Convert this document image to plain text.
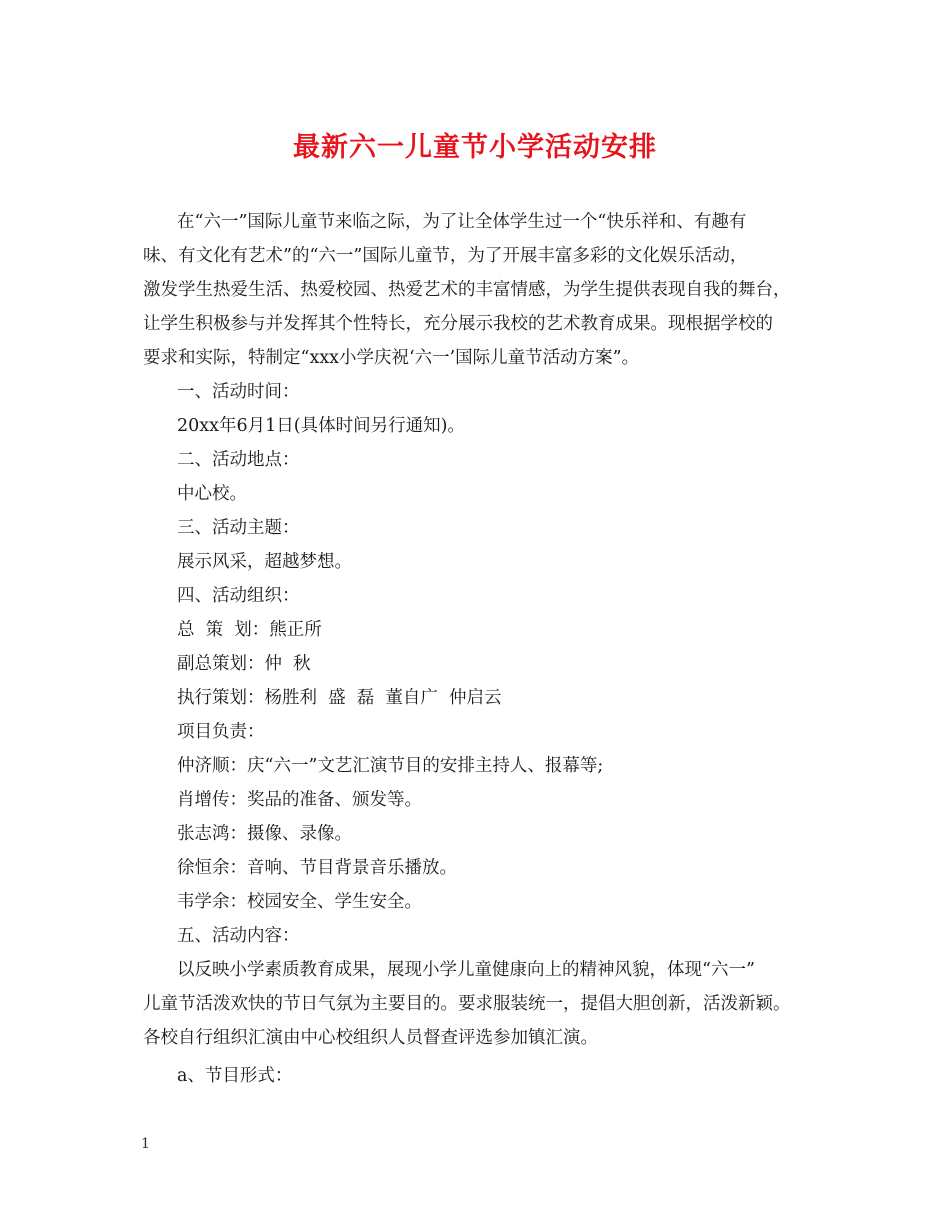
最新六一儿童节小学活动安排

在“六一”国际儿童节来临之际，为了让全体学生过一个“快乐祥和、有趣有

味、有文化有艺术”的“六一”国际儿童节，为了开展丰富多彩的文化娱乐活动，

激发学生热爱生活、热爱校园、热爱艺术的丰富情感，为学生提供表现自我的舞台，

让学生积极参与并发挥其个性特长，充分展示我校的艺术教育成果。现根据学校的

要求和实际，特制定“xxx小学庆祝‘六一’国际儿童节活动方案”。

一、活动时间：

20xx年6月1日(具体时间另行通知)。

二、活动地点：

中心校。

三、活动主题：

展示风采，超越梦想。

四、活动组织：

总  策  划：熊正所

副总策划：仲  秋

执行策划：杨胜利  盛  磊  董自广  仲启云

项目负责：

仲济顺：庆“六一”文艺汇演节目的安排主持人、报幕等;

肖增传：奖品的准备、颁发等。

张志鸿：摄像、录像。

徐恒余：音响、节目背景音乐播放。

韦学余：校园安全、学生安全。

五、活动内容：

以反映小学素质教育成果，展现小学儿童健康向上的精神风貌，体现“六一”

儿童节活泼欢快的节日气氛为主要目的。要求服装统一，提倡大胆创新，活泼新颖。

各校自行组织汇演由中心校组织人员督查评选参加镇汇演。

a、节目形式：

1
